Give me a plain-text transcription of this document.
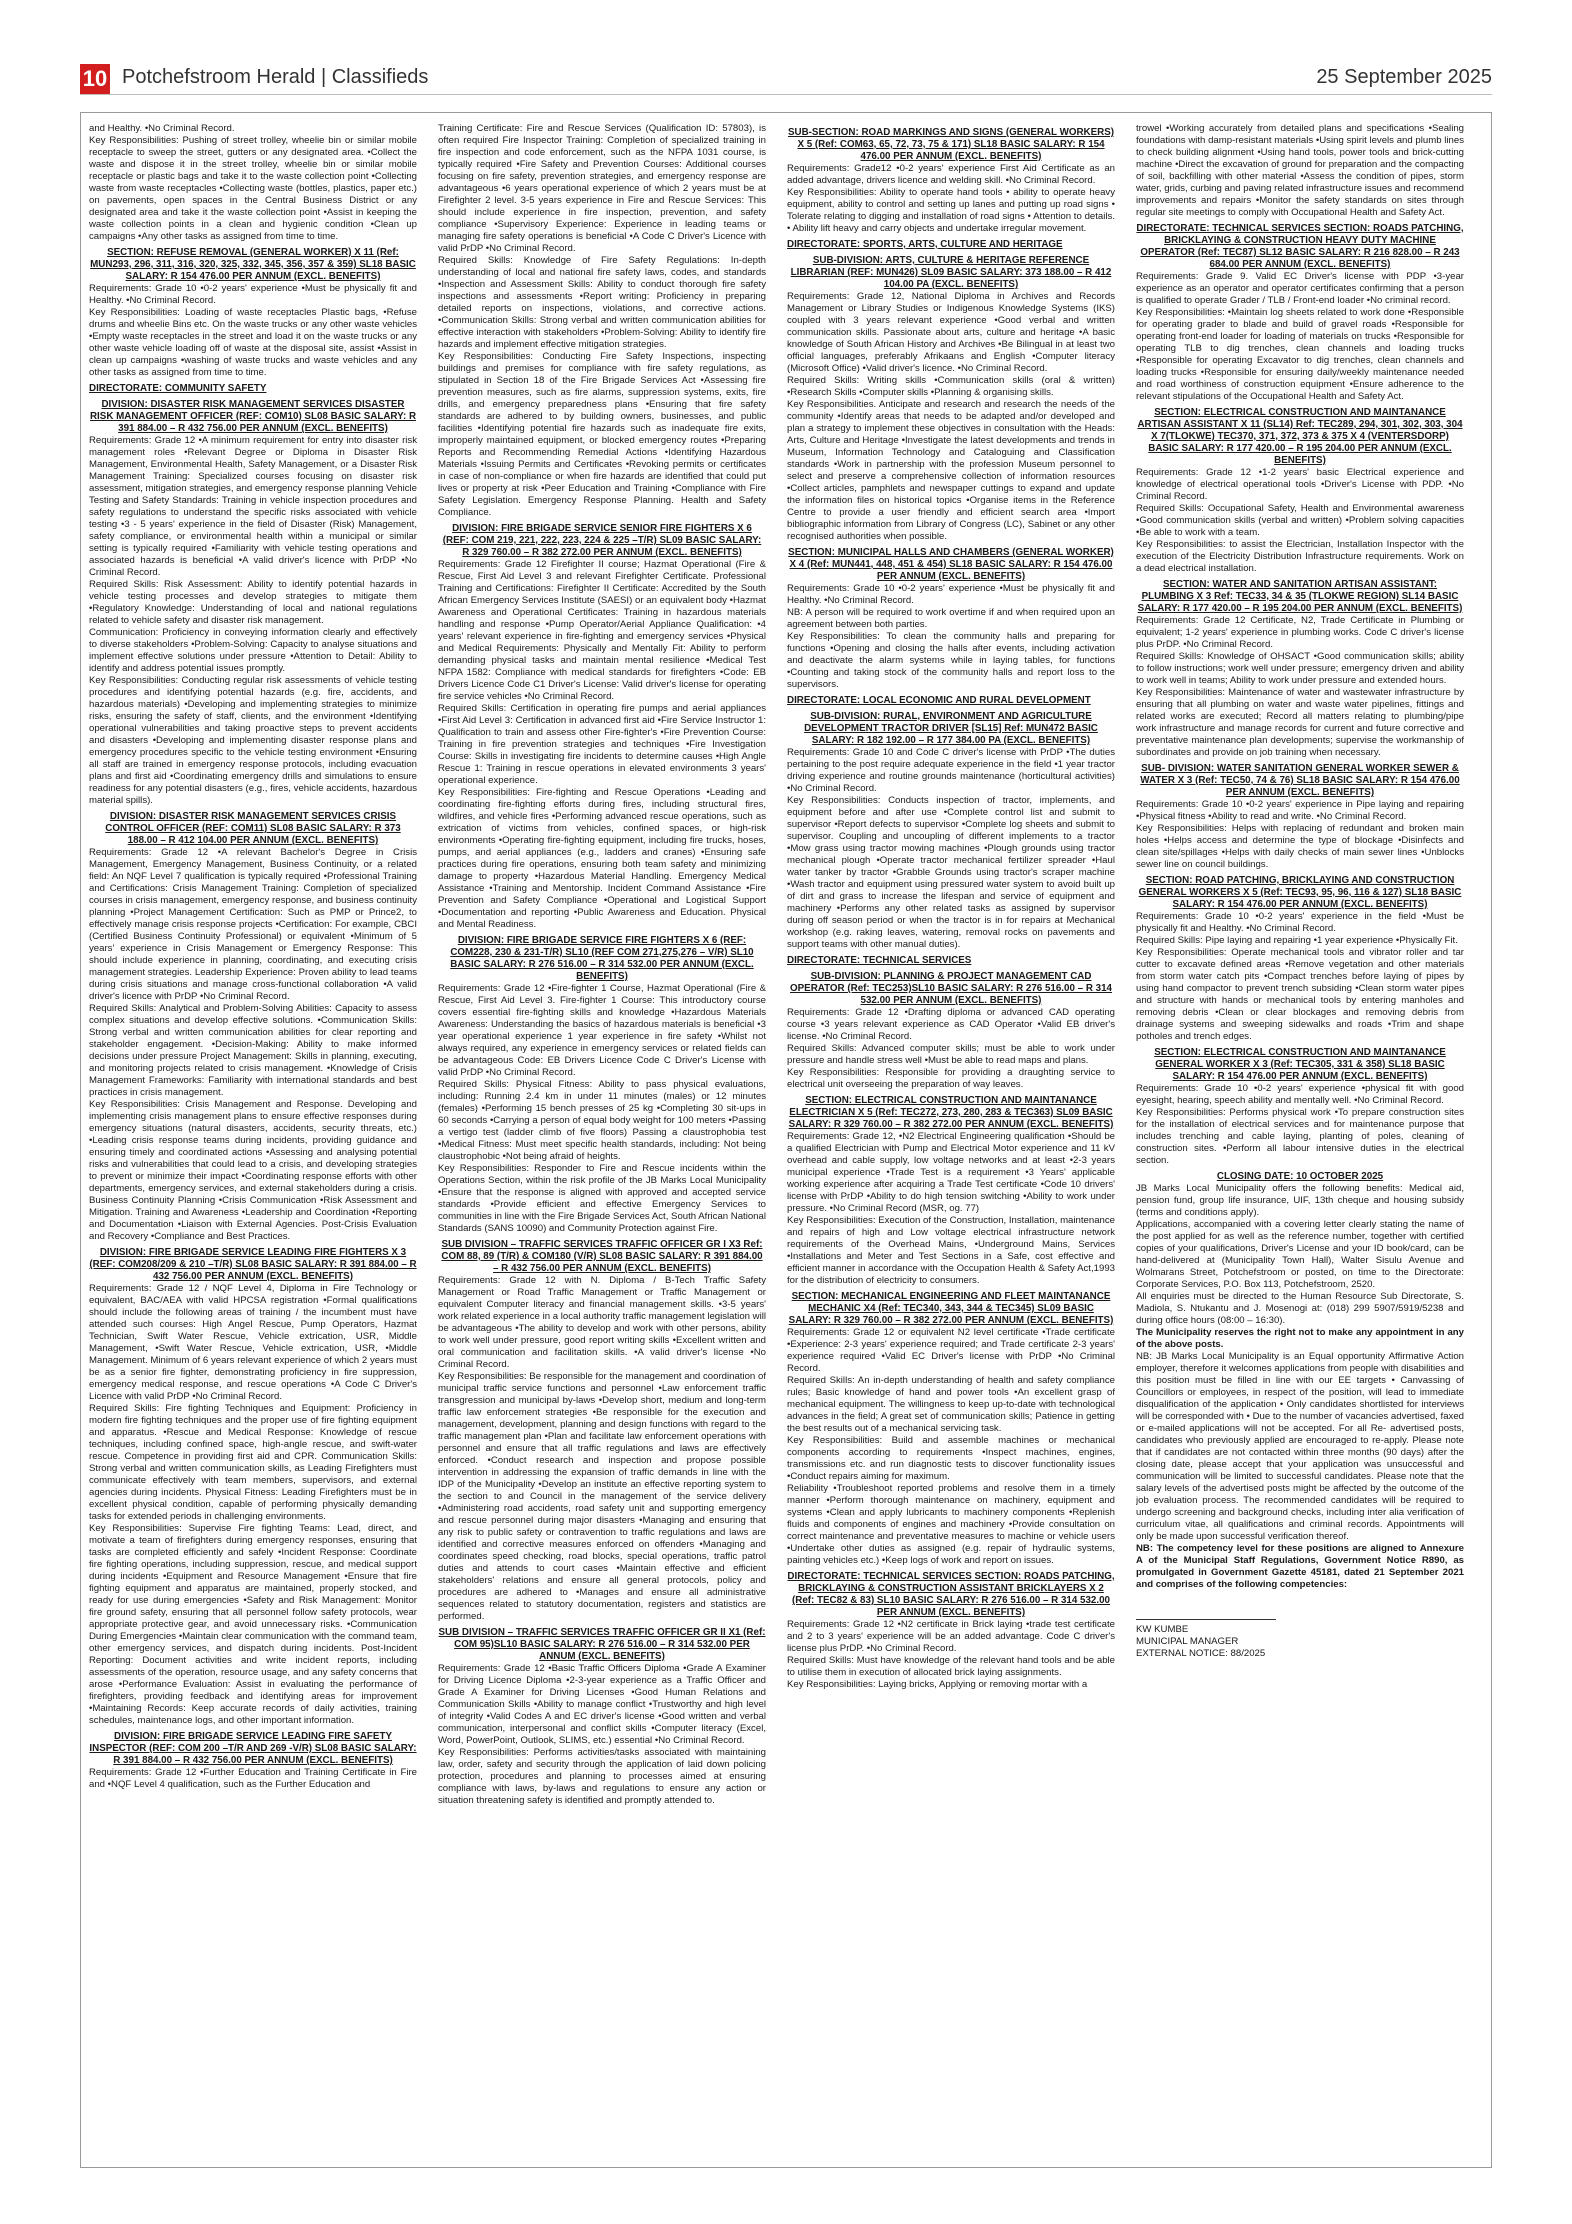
10 Potchefstroom Herald | Classifieds	25 September 2025

and Healthy. •No Criminal Record.

Key Responsibilities: Pushing of street trolley, wheelie bin or similar mobile receptacle to sweep the street, gutters or any designated area. •Collect the waste and dispose it in the street trolley, wheelie bin or similar mobile receptacle or plastic bags and take it to the waste collection point •Collecting waste from waste receptacles •Collecting waste (bottles, plastics, paper etc.) on pavements, open spaces in the Central Business District or any designated area and take it the waste collection point •Assist in keeping the waste collection points in a clean and hygienic condition •Clean up campaigns •Any other tasks as assigned from time to time.

SECTION: REFUSE REMOVAL (GENERAL WORKER) X 11 (Ref: MUN293, 296, 311, 316, 320, 325, 332, 345, 356, 357 & 359) SL18 BASIC SALARY: R 154 476.00 PER ANNUM (EXCL. BENEFITS)

Requirements: Grade 10 •0-2 years' experience •Must be physically fit and Healthy. •No Criminal Record.

Key Responsibilities: Loading of waste receptacles Plastic bags, •Refuse drums and wheelie Bins etc. On the waste trucks or any other waste vehicles •Empty waste receptacles in the street and load it on the waste trucks or any other waste vehicle loading off of waste at the disposal site, assist •Assist in clean up campaigns •washing of waste trucks and waste vehicles and any other tasks as assigned from time to time.

DIRECTORATE: COMMUNITY SAFETY

DIVISION: DISASTER RISK MANAGEMENT SERVICES DISASTER RISK MANAGEMENT OFFICER (REF: COM10) SL08 BASIC SALARY: R 391 884.00 – R 432 756.00 PER ANNUM (EXCL. BENEFITS)

Requirements: Grade 12 •A minimum requirement for entry into disaster risk management roles •Relevant Degree or Diploma in Disaster Risk Management, Environmental Health, Safety Management, or a Disaster Risk Management Training: Specialized courses focusing on disaster risk assessment, mitigation strategies, and emergency response planning Vehicle Testing and Safety Standards: Training in vehicle inspection procedures and safety regulations to understand the specific risks associated with vehicle testing •3 - 5 years' experience in the field of Disaster (Risk) Management, safety compliance, or environmental health within a municipal or similar setting is typically required •Familiarity with vehicle testing operations and associated hazards is beneficial •A valid driver's licence with PrDP •No Criminal Record.

Required Skills: Risk Assessment: Ability to identify potential hazards in vehicle testing processes and develop strategies to mitigate them •Regulatory Knowledge: Understanding of local and national regulations related to vehicle safety and disaster risk management.

Communication: Proficiency in conveying information clearly and effectively to diverse stakeholders •Problem-Solving: Capacity to analyse situations and implement effective solutions under pressure •Attention to Detail: Ability to identify and address potential issues promptly.

Key Responsibilities: Conducting regular risk assessments of vehicle testing procedures and identifying potential hazards (e.g. fire, accidents, and hazardous materials) •Developing and implementing strategies to minimize risks, ensuring the safety of staff, clients, and the environment •Identifying operational vulnerabilities and taking proactive steps to prevent accidents and disasters •Developing and implementing disaster response plans and emergency procedures specific to the vehicle testing environment •Ensuring all staff are trained in emergency response protocols, including evacuation plans and first aid •Coordinating emergency drills and simulations to ensure readiness for any potential disasters (e.g., fires, vehicle accidents, hazardous material spills).

DIVISION: DISASTER RISK MANAGEMENT SERVICES CRISIS CONTROL OFFICER (REF: COM11) SL08 BASIC SALARY: R 373 188.00 – R 412 104.00 PER ANNUM (EXCL. BENEFITS)

Requirements: Grade 12 •A relevant Bachelor's Degree in Crisis Management, Emergency Management, Business Continuity, or a related field: An NQF Level 7 qualification is typically required •Professional Training and Certifications: Crisis Management Training: Completion of specialized courses in crisis management, emergency response, and business continuity planning •Project Management Certification: Such as PMP or Prince2, to effectively manage crisis response projects •Certification: For example, CBCI (Certified Business Continuity Professional) or equivalent •Minimum of 5 years' experience in Crisis Management or Emergency Response: This should include experience in planning, coordinating, and executing crisis management strategies. Leadership Experience: Proven ability to lead teams during crisis situations and manage cross-functional collaboration •A valid driver's licence with PrDP •No Criminal Record.

Required Skills: Analytical and Problem-Solving Abilities: Capacity to assess complex situations and develop effective solutions. •Communication Skills: Strong verbal and written communication abilities for clear reporting and stakeholder engagement. •Decision-Making: Ability to make informed decisions under pressure Project Management: Skills in planning, executing, and monitoring projects related to crisis management. •Knowledge of Crisis Management Frameworks: Familiarity with international standards and best practices in crisis management.

Key Responsibilities: Crisis Management and Response. Developing and implementing crisis management plans to ensure effective responses during emergency situations (natural disasters, accidents, security threats, etc.) •Leading crisis response teams during incidents, providing guidance and ensuring timely and coordinated actions •Assessing and analysing potential risks and vulnerabilities that could lead to a crisis, and developing strategies to prevent or minimize their impact •Coordinating response efforts with other departments, emergency services, and external stakeholders during a crisis. Business Continuity Planning •Crisis Communication •Risk Assessment and Mitigation. Training and Awareness •Leadership and Coordination •Reporting and Documentation •Liaison with External Agencies. Post-Crisis Evaluation and Recovery •Compliance and Best Practices.

DIVISION: FIRE BRIGADE SERVICE LEADING FIRE FIGHTERS X 3 (REF: COM208/209 & 210 –T/R) SL08 BASIC SALARY: R 391 884.00 – R 432 756.00 PER ANNUM (EXCL. BENEFITS)

Requirements: Grade 12 / NQF Level 4, Diploma in Fire Technology or equivalent, BAC/AEA with valid HPCSA registration •Formal qualifications should include the following areas of training / the incumbent must have attended such courses: High Angel Rescue, Pump Operators, Hazmat Technician, Swift Water Rescue, Vehicle extrication, USR, Middle Management, •Swift Water Rescue, Vehicle extrication, USR, •Middle Management. Minimum of 6 years relevant experience of which 2 years must be as a senior fire fighter, demonstrating proficiency in fire suppression, emergency medical response, and rescue operations •A Code C Driver's Licence with valid PrDP •No Criminal Record.

Required Skills: Fire fighting Techniques and Equipment: Proficiency in modern fire fighting techniques and the proper use of fire fighting equipment and apparatus. •Rescue and Medical Response: Knowledge of rescue techniques, including confined space, high-angle rescue, and swift-water rescue. Competence in providing first aid and CPR. Communication Skills: Strong verbal and written communication skills, as Leading Firefighters must communicate effectively with team members, supervisors, and external agencies during incidents. Physical Fitness: Leading Firefighters must be in excellent physical condition, capable of performing physically demanding tasks for extended periods in challenging environments.

Key Responsibilities: Supervise Fire fighting Teams: Lead, direct, and motivate a team of firefighters during emergency responses, ensuring that tasks are completed efficiently and safely •Incident Response: Coordinate fire fighting operations, including suppression, rescue, and medical support during incidents •Equipment and Resource Management •Ensure that fire fighting equipment and apparatus are maintained, properly stocked, and ready for use during emergencies •Safety and Risk Management: Monitor fire ground safety, ensuring that all personnel follow safety protocols, wear appropriate protective gear, and avoid unnecessary risks. •Communication During Emergencies •Maintain clear communication with the command team, other emergency services, and dispatch during incidents. Post-Incident Reporting: Document activities and write incident reports, including assessments of the operation, resource usage, and any safety concerns that arose •Performance Evaluation: Assist in evaluating the performance of firefighters, providing feedback and identifying areas for improvement •Maintaining Records: Keep accurate records of daily activities, training schedules, maintenance logs, and other important information.

DIVISION: FIRE BRIGADE SERVICE LEADING FIRE SAFETY INSPECTOR (REF: COM 200 –T/R AND 269 -V/R) SL08 BASIC SALARY: R 391 884.00 – R 432 756.00 PER ANNUM (EXCL. BENEFITS)

Requirements: Grade 12 •Further Education and Training Certificate in Fire and •NQF Level 4 qualification, such as the Further Education and

Training Certificate: Fire and Rescue Services (Qualification ID: 57803), is often required Fire Inspector Training: Completion of specialized training in fire inspection and code enforcement, such as the NFPA 1031 course, is typically required •Fire Safety and Prevention Courses: Additional courses focusing on fire safety, prevention strategies, and emergency response are advantageous •6 years operational experience of which 2 years must be at Firefighter 2 level. 3-5 years experience in Fire and Rescue Services: This should include experience in fire inspection, prevention, and safety compliance •Supervisory Experience: Experience in leading teams or managing fire safety operations is beneficial •A Code C Driver's Licence with valid PrDP •No Criminal Record.

Required Skills: Knowledge of Fire Safety Regulations: In-depth understanding of local and national fire safety laws, codes, and standards •Inspection and Assessment Skills: Ability to conduct thorough fire safety inspections and assessments •Report writing: Proficiency in preparing detailed reports on inspections, violations, and corrective actions. •Communication Skills: Strong verbal and written communication abilities for effective interaction with stakeholders •Problem-Solving: Ability to identify fire hazards and implement effective mitigation strategies.

Key Responsibilities: Conducting Fire Safety Inspections, inspecting buildings and premises for compliance with fire safety regulations, as stipulated in Section 18 of the Fire Brigade Services Act •Assessing fire prevention measures, such as fire alarms, suppression systems, exits, fire drills, and emergency preparedness plans •Ensuring that fire safety standards are adhered to by building owners, businesses, and public facilities •Identifying potential fire hazards such as inadequate fire exits, improperly maintained equipment, or blocked emergency routes •Preparing Reports and Recommending Remedial Actions •Identifying Hazardous Materials •Issuing Permits and Certificates •Revoking permits or certificates in case of non-compliance or when fire hazards are identified that could put lives or property at risk •Peer Education and Training •Compliance with Fire Safety Legislation. Emergency Response Planning. Health and Safety Compliance.

DIVISION: FIRE BRIGADE SERVICE SENIOR FIRE FIGHTERS X 6 (REF: COM 219, 221, 222, 223, 224 & 225 –T/R) SL09 BASIC SALARY: R 329 760.00 – R 382 272.00 PER ANNUM (EXCL. BENEFITS)

Requirements: Grade 12 Firefighter II course; Hazmat Operational (Fire & Rescue, First Aid Level 3 and relevant Firefighter Certificate. Professional Training and Certifications: Firefighter II Certificate: Accredited by the South African Emergency Services Institute (SAESI) or an equivalent body •Hazmat Awareness and Operational Certificates: Training in hazardous materials handling and response •Pump Operator/Aerial Appliance Qualification: •4 years' relevant experience in fire-fighting and emergency services •Physical and Medical Requirements: Physically and Mentally Fit: Ability to perform demanding physical tasks and maintain mental resilience •Medical Test NFPA 1582: Compliance with medical standards for firefighters •Code: EB Drivers Licence Code C1 Driver's License: Valid driver's license for operating fire service vehicles •No Criminal Record.

Required Skills: Certification in operating fire pumps and aerial appliances •First Aid Level 3: Certification in advanced first aid •Fire Service Instructor 1: Qualification to train and assess other Fire-fighter's •Fire Prevention Course: Training in fire prevention strategies and techniques •Fire Investigation Course: Skills in investigating fire incidents to determine causes •High Angle Rescue 1: Training in rescue operations in elevated environments 3 years' operational experience.

Key Responsibilities: Fire-fighting and Rescue Operations •Leading and coordinating fire-fighting efforts during fires, including structural fires, wildfires, and vehicle fires •Performing advanced rescue operations, such as extrication of victims from vehicles, confined spaces, or high-risk environments •Operating fire-fighting equipment, including fire trucks, hoses, pumps, and aerial appliances (e.g., ladders and cranes) •Ensuring safe practices during fire operations, ensuring both team safety and minimizing damage to property •Hazardous Material Handling. Emergency Medical Assistance •Training and Mentorship. Incident Command Assistance •Fire Prevention and Safety Compliance •Operational and Logistical Support •Documentation and reporting •Public Awareness and Education. Physical and Mental Readiness.

DIVISION: FIRE BRIGADE SERVICE FIRE FIGHTERS X 6 (REF: COM228, 230 & 231-T/R) SL10 (REF COM 271,275,276 – V/R) SL10 BASIC SALARY: R 276 516.00 – R 314 532.00 PER ANNUM (EXCL. BENEFITS)

Requirements: Grade 12 •Fire-fighter 1 Course, Hazmat Operational (Fire & Rescue, First Aid Level 3. Fire-fighter 1 Course: This introductory course covers essential fire-fighting skills and knowledge •Hazardous Materials Awareness: Understanding the basics of hazardous materials is beneficial •3 year operational experience 1 year experience in fire safety •Whilst not always required, any experience in emergency services or related fields can be advantageous Code: EB Drivers Licence Code C Driver's License with valid PrDP •No Criminal Record.

Required Skills: Physical Fitness: Ability to pass physical evaluations, including: Running 2.4 km in under 11 minutes (males) or 12 minutes (females) •Performing 15 bench presses of 25 kg •Completing 30 sit-ups in 60 seconds •Carrying a person of equal body weight for 100 meters •Passing a vertigo test (ladder climb of five floors) Passing a claustrophobia test •Medical Fitness: Must meet specific health standards, including: Not being claustrophobic •Not being afraid of heights.

Key Responsibilities: Responder to Fire and Rescue incidents within the Operations Section, within the risk profile of the JB Marks Local Municipality •Ensure that the response is aligned with approved and accepted service standards •Provide efficient and effective Emergency Services to communities in line with the Fire Brigade Services Act, South African National Standards (SANS 10090) and Community Protection against Fire.

SUB DIVISION – TRAFFIC SERVICES TRAFFIC OFFICER GR I X3 Ref: COM 88, 89 (T/R) & COM180 (V/R) SL08 BASIC SALARY: R 391 884.00 – R 432 756.00 PER ANNUM (EXCL. BENEFITS)

Requirements: Grade 12 with N. Diploma / B-Tech Traffic Safety Management or Road Traffic Management or Traffic Management or equivalent Computer literacy and financial management skills. •3-5 years' work related experience in a local authority traffic management legislation will be advantageous •The ability to develop and work with other persons, ability to work well under pressure, good report writing skills •Excellent written and oral communication and facilitation skills. •A valid driver's license •No Criminal Record.

Key Responsibilities: Be responsible for the management and coordination of municipal traffic service functions and personnel •Law enforcement traffic transgression and municipal by-laws •Develop short, medium and long-term traffic law enforcement strategies •Be responsible for the execution and management, development, planning and design functions with regard to the traffic management plan •Plan and facilitate law enforcement operations with personnel and ensure that all traffic regulations and laws are effectively enforced. •Conduct research and inspection and propose possible intervention in addressing the expansion of traffic demands in line with the IDP of the Municipality •Develop an institute an effective reporting system to the section to and Council in the management of the service delivery •Administering road accidents, road safety unit and supporting emergency and rescue personnel during major disasters •Managing and ensuring that any risk to public safety or contravention to traffic regulations and laws are identified and corrective measures enforced on offenders •Managing and coordinates speed checking, road blocks, special operations, traffic patrol duties and attends to court cases •Maintain effective and efficient stakeholders' relations and ensure all general protocols, policy and procedures are adhered to •Manages and ensure all administrative sequences related to statutory documentation, registers and statistics are performed.

SUB DIVISION – TRAFFIC SERVICES TRAFFIC OFFICER GR II X1 (Ref: COM 95)SL10 BASIC SALARY: R 276 516.00 – R 314 532.00 PER ANNUM (EXCL. BENEFITS)

Requirements: Grade 12 •Basic Traffic Officers Diploma •Grade A Examiner for Driving Licence Diploma •2-3-year experience as a Traffic Officer and Grade A Examiner for Driving Licenses •Good Human Relations and Communication Skills •Ability to manage conflict •Trustworthy and high level of integrity •Valid Codes A and EC driver's license •Good written and verbal communication, interpersonal and conflict skills •Computer literacy (Excel, Word, PowerPoint, Outlook, SLIMS, etc.) essential •No Criminal Record.

Key Responsibilities: Performs activities/tasks associated with maintaining law, order, safety and security through the application of laid down policing protection, procedures and planning to processes aimed at ensuring compliance with laws, by-laws and regulations to ensure any action or situation threatening safety is identified and promptly attended to.

SUB-SECTION: ROAD MARKINGS AND SIGNS (GENERAL WORKERS) X 5 (Ref: COM63, 65, 72, 73, 75 & 171) SL18 BASIC SALARY: R 154 476.00 PER ANNUM (EXCL. BENEFITS)

Requirements: Grade12 •0-2 years' experience First Aid Certificate as an added advantage, drivers licence and welding skill. •No Criminal Record.

Key Responsibilities: Ability to operate hand tools • ability to operate heavy equipment, ability to control and setting up lanes and putting up road signs • Tolerate relating to digging and installation of road signs • Attention to details. • Ability lift heavy and carry objects and undertake irregular movement.

DIRECTORATE: SPORTS, ARTS, CULTURE AND HERITAGE

SUB-DIVISION: ARTS, CULTURE & HERITAGE REFERENCE LIBRARIAN (REF: MUN426) SL09 BASIC SALARY: 373 188.00 – R 412 104.00 PA (EXCL. BENEFITS)

Requirements: Grade 12, National Diploma in Archives and Records Management or Library Studies or Indigenous Knowledge Systems (IKS) coupled with 3 years relevant experience •Good verbal and written communication skills. Passionate about arts, culture and heritage •A basic knowledge of South African History and Archives •Be Bilingual in at least two official languages, preferably Afrikaans and English •Computer literacy (Microsoft Office) •Valid driver's licence. •No Criminal Record.

Required Skills: Writing skills •Communication skills (oral & written) •Research Skills •Computer skills •Planning & organising skills.

Key Responsibilities. Anticipate and research and research the needs of the community •Identify areas that needs to be adapted and/or developed and plan a strategy to implement these objectives in consultation with the Heads: Arts, Culture and Heritage •Investigate the latest developments and trends in Museum, Information Technology and Cataloguing and Classification standards •Work in partnership with the profession Museum personnel to select and preserve a comprehensive collection of information resources •Collect articles, pamphlets and newspaper cuttings to expand and update the information files on historical topics •Organise items in the Reference Centre to provide a user friendly and efficient search area •Import bibliographic information from Library of Congress (LC), Sabinet or any other recognised authorities when possible.

SECTION: MUNICIPAL HALLS AND CHAMBERS (GENERAL WORKER) X 4 (Ref: MUN441, 448, 451 & 454) SL18 BASIC SALARY: R 154 476.00 PER ANNUM (EXCL. BENEFITS)

Requirements: Grade 10 •0-2 years' experience •Must be physically fit and Healthy. •No Criminal Record.

NB: A person will be required to work overtime if and when required upon an agreement between both parties.

Key Responsibilities: To clean the community halls and preparing for functions •Opening and closing the halls after events, including activation and deactivate the alarm systems while in laying tables, for functions •Counting and taking stock of the community halls and report loss to the supervisors.

DIRECTORATE: LOCAL ECONOMIC AND RURAL DEVELOPMENT

SUB-DIVISION: RURAL, ENVIRONMENT AND AGRICULTURE DEVELOPMENT TRACTOR DRIVER [SL15] Ref: MUN472 BASIC SALARY: R 182 192.00 – R 177 384.00 PA (EXCL. BENEFITS)

Requirements: Grade 10 and Code C driver's license with PrDP •The duties pertaining to the post require adequate experience in the field •1 year tractor driving experience and routine grounds maintenance (horticultural activities) •No Criminal Record.

Key Responsibilities: Conducts inspection of tractor, implements, and equipment before and after use •Complete control list and submit to supervisor •Report defects to supervisor •Complete log sheets and submit to supervisor. Coupling and uncoupling of different implements to a tractor •Mow grass using tractor mowing machines •Plough grounds using tractor mechanical plough •Operate tractor mechanical fertilizer spreader •Haul water tanker by tractor •Grabble Grounds using tractor's scraper machine •Wash tractor and equipment using pressured water system to avoid built up of dirt and grass to increase the lifespan and service of equipment and machinery •Performs any other related tasks as assigned by supervisor during off season period or when the tractor is in for repairs at Mechanical workshop (e.g. raking leaves, watering, removal rocks on pavements and support teams with other manual duties).

DIRECTORATE: TECHNICAL SERVICES

SUB-DIVISION: PLANNING & PROJECT MANAGEMENT CAD OPERATOR (Ref: TEC253)SL10 BASIC SALARY: R 276 516.00 – R 314 532.00 PER ANNUM (EXCL. BENEFITS)

Requirements: Grade 12 •Drafting diploma or advanced CAD operating course •3 years relevant experience as CAD Operator •Valid EB driver's license. •No Criminal Record.

Required Skills: Advanced computer skills; must be able to work under pressure and handle stress well •Must be able to read maps and plans.

Key Responsibilities: Responsible for providing a draughting service to electrical unit overseeing the preparation of way leaves.

SECTION: ELECTRICAL CONSTRUCTION AND MAINTANANCE ELECTRICIAN X 5 (Ref: TEC272, 273, 280, 283 & TEC363) SL09 BASIC SALARY: R 329 760.00 – R 382 272.00 PER ANNUM (EXCL. BENEFITS)

Requirements: Grade 12, •N2 Electrical Engineering qualification •Should be a qualified Electrician with Pump and Electrical Motor experience and 11 kV overhead and cable supply, low voltage networks and at least •2-3 years municipal experience •Trade Test is a requirement •3 Years' applicable working experience after acquiring a Trade Test certificate •Code 10 drivers' license with PrDP •Ability to do high tension switching •Ability to work under pressure. •No Criminal Record (MSR, og. 77)

Key Responsibilities: Execution of the Construction, Installation, maintenance and repairs of high and Low voltage electrical infrastructure network requirements of the Overhead Mains, •Underground Mains, Services •Installations and Meter and Test Sections in a Safe, cost effective and efficient manner in accordance with the Occupation Health & Safety Act,1993 for the distribution of electricity to consumers.

SECTION: MECHANICAL ENGINEERING AND FLEET MAINTANANCE MECHANIC X4 (Ref: TEC340, 343, 344 & TEC345) SL09 BASIC SALARY: R 329 760.00 – R 382 272.00 PER ANNUM (EXCL. BENEFITS)

Requirements: Grade 12 or equivalent N2 level certificate •Trade certificate •Experience: 2-3 years' experience required; and Trade certificate 2-3 years' experience required •Valid EC Driver's license with PrDP •No Criminal Record.

Required Skills: An in-depth understanding of health and safety compliance rules; Basic knowledge of hand and power tools •An excellent grasp of mechanical equipment. The willingness to keep up-to-date with technological advances in the field; A great set of communication skills; Patience in getting the best results out of a mechanical servicing task.

Key Responsibilities: Build and assemble machines or mechanical components according to requirements •Inspect machines, engines, transmissions etc. and run diagnostic tests to discover functionality issues •Conduct repairs aiming for maximum.

Reliability •Troubleshoot reported problems and resolve them in a timely manner •Perform thorough maintenance on machinery, equipment and systems •Clean and apply lubricants to machinery components •Replenish fluids and components of engines and machinery •Provide consultation on correct maintenance and preventative measures to machine or vehicle users •Undertake other duties as assigned (e.g. repair of hydraulic systems, painting vehicles etc.) •Keep logs of work and report on issues.

DIRECTORATE: TECHNICAL SERVICES SECTION: ROADS PATCHING, BRICKLAYING & CONSTRUCTION ASSISTANT BRICKLAYERS X 2 (Ref: TEC82 & 83) SL10 BASIC SALARY: R 276 516.00 – R 314 532.00 PER ANNUM (EXCL. BENEFITS)

Requirements: Grade 12 •N2 certificate in Brick laying •trade test certificate and 2 to 3 years' experience will be an added advantage. Code C driver's license plus PrDP. •No Criminal Record.

Required Skills: Must have knowledge of the relevant hand tools and be able to utilise them in execution of allocated brick laying assignments.

Key Responsibilities: Laying bricks, Applying or removing mortar with a

trowel •Working accurately from detailed plans and specifications •Sealing foundations with damp-resistant materials •Using spirit levels and plumb lines to check building alignment •Using hand tools, power tools and brick-cutting machine •Direct the excavation of ground for preparation and the compacting of soil, backfilling with other material •Assess the condition of pipes, storm water, grids, curbing and paving related infrastructure issues and recommend improvements and repairs •Monitor the safety standards on sites through regular site meetings to comply with Occupational Health and Safety Act.

DIRECTORATE: TECHNICAL SERVICES SECTION: ROADS PATCHING, BRICKLAYING & CONSTRUCTION HEAVY DUTY MACHINE OPERATOR (Ref: TEC87) SL12 BASIC SALARY: R 216 828.00 – R 243 684.00 PER ANNUM (EXCL. BENEFITS)

Requirements: Grade 9. Valid EC Driver's license with PDP •3-year experience as an operator and operator certificates confirming that a person is qualified to operate Grader / TLB / Front-end loader •No criminal record.

Key Responsibilities: •Maintain log sheets related to work done •Responsible for operating grader to blade and build of gravel roads •Responsible for operating front-end loader for loading of materials on trucks •Responsible for operating TLB to dig trenches, clean channels and loading trucks •Responsible for operating Excavator to dig trenches, clean channels and loading trucks •Responsible for ensuring daily/weekly maintenance needed and road worthiness of construction equipment •Ensure adherence to the relevant stipulations of the Occupational Health and Safety Act.

SECTION: ELECTRICAL CONSTRUCTION AND MAINTANANCE ARTISAN ASSISTANT X 11 (SL14) Ref: TEC289, 294, 301, 302, 303, 304 X 7(TLOKWE) TEC370, 371, 372, 373 & 375 X 4 (VENTERSDORP) BASIC SALARY: R 177 420.00 – R 195 204.00 PER ANNUM (EXCL. BENEFITS)

Requirements: Grade 12 •1-2 years' basic Electrical experience and knowledge of electrical operational tools •Driver's License with PDP. •No Criminal Record.

Required Skills: Occupational Safety, Health and Environmental awareness •Good communication skills (verbal and written) •Problem solving capacities •Be able to work with a team.

Key Responsibilities: to assist the Electrician, Installation Inspector with the execution of the Electricity Distribution Infrastructure requirements. Work on a dead electrical installation.

SECTION: WATER AND SANITATION ARTISAN ASSISTANT: PLUMBING X 3 Ref: TEC33, 34 & 35 (TLOKWE REGION) SL14 BASIC SALARY: R 177 420.00 – R 195 204.00 PER ANNUM (EXCL. BENEFITS)

Requirements: Grade 12 Certificate, N2, Trade Certificate in Plumbing or equivalent; 1-2 years' experience in plumbing works. Code C driver's license plus PrDP. •No Criminal Record.

Required Skills: Knowledge of OHSACT •Good communication skills; ability to follow instructions; work well under pressure; emergency driven and ability to work well in teams; Ability to work under pressure and extended hours.

Key Responsibilities: Maintenance of water and wastewater infrastructure by ensuring that all plumbing on water and waste water pipelines, fittings and related works are executed; Record all matters relating to plumbing/pipe work infrastructure and manage records for current and future corrective and preventative maintenance plan developments; supervise the workmanship of subordinates and provide on job training when necessary.

SUB- DIVISION: WATER SANITATION GENERAL WORKER SEWER & WATER X 3 (Ref: TEC50, 74 & 76) SL18 BASIC SALARY: R 154 476.00 PER ANNUM (EXCL. BENEFITS)

Requirements: Grade 10 •0-2 years' experience in Pipe laying and repairing •Physical fitness •Ability to read and write. •No Criminal Record.

Key Responsibilities: Helps with replacing of redundant and broken main holes •Helps access and determine the type of blockage •Disinfects and clean site/spillages •Helps with daily checks of main sewer lines •Unblocks sewer line on council buildings.

SECTION: ROAD PATCHING, BRICKLAYING AND CONSTRUCTION GENERAL WORKERS X 5 (Ref: TEC93, 95, 96, 116 & 127) SL18 BASIC SALARY: R 154 476.00 PER ANNUM (EXCL. BENEFITS)

Requirements: Grade 10 •0-2 years' experience in the field •Must be physically fit and Healthy. •No Criminal Record.

Required Skills: Pipe laying and repairing •1 year experience •Physically Fit.

Key Responsibilities: Operate mechanical tools and vibrator roller and tar cutter to excavate defined areas •Remove vegetation and other materials from storm water catch pits •Compact trenches before laying of pipes by using hand compactor to prevent trench subsiding •Clean storm water pipes and structure with hands or mechanical tools by entering manholes and removing debris •Clean or clear blockages and removing debris from drainage systems and sweeping sidewalks and roads •Trim and shape potholes and trench edges.

SECTION: ELECTRICAL CONSTRUCTION AND MAINTANANCE GENERAL WORKER X 3 (Ref: TEC305, 331 & 358) SL18 BASIC SALARY: R 154 476.00 PER ANNUM (EXCL. BENEFITS)

Requirements: Grade 10 •0-2 years' experience •physical fit with good eyesight, hearing, speech ability and mentally well. •No Criminal Record.

Key Responsibilities: Performs physical work •To prepare construction sites for the installation of electrical services and for maintenance purpose that includes trenching and cable laying, planting of poles, cleaning of construction sites. •Perform all labour intensive duties in the electrical section.

CLOSING DATE: 10 OCTOBER 2025

JB Marks Local Municipality offers the following benefits: Medical aid, pension fund, group life insurance, UIF, 13th cheque and housing subsidy (terms and conditions apply).

Applications, accompanied with a covering letter clearly stating the name of the post applied for as well as the reference number, together with certified copies of your qualifications, Driver's License and your ID book/card, can be hand-delivered at (Municipality Town Hall), Walter Sisulu Avenue and Wolmarans Street, Potchefstroom or posted, on time to the Directorate: Corporate Services, P.O. Box 113, Potchefstroom, 2520.

All enquiries must be directed to the Human Resource Sub Directorate, S. Madiola, S. Ntukantu and J. Mosenogi at: (018) 299 5907/5919/5238 and during office hours (08:00 – 16:30).

The Municipality reserves the right not to make any appointment in any of the above posts.

NB: JB Marks Local Municipality is an Equal opportunity Affirmative Action employer, therefore it welcomes applications from people with disabilities and this position must be filled in line with our EE targets • Canvassing of Councillors or employees, in respect of the position, will lead to immediate disqualification of the application • Only candidates shortlisted for interviews will be corresponded with • Due to the number of vacancies advertised, faxed or e-mailed applications will not be accepted. For all Re- advertised posts, candidates who previously applied are encouraged to re-apply. Please note that if candidates are not contacted within three months (90 days) after the closing date, please accept that your application was unsuccessful and communication will be limited to successful candidates. Please note that the salary levels of the advertised posts might be affected by the outcome of the job evaluation process. The recommended candidates will be required to undergo screening and background checks, including inter alia verification of curriculum vitae, all qualifications and criminal records. Appointments will only be made upon successful verification thereof.

NB: The competency level for these positions are aligned to Annexure A of the Municipal Staff Regulations, Government Notice R890, as promulgated in Government Gazette 45181, dated 21 September 2021 and comprises of the following competencies:

KW KUMBE

MUNICIPAL MANAGER

EXTERNAL NOTICE: 88/2025
